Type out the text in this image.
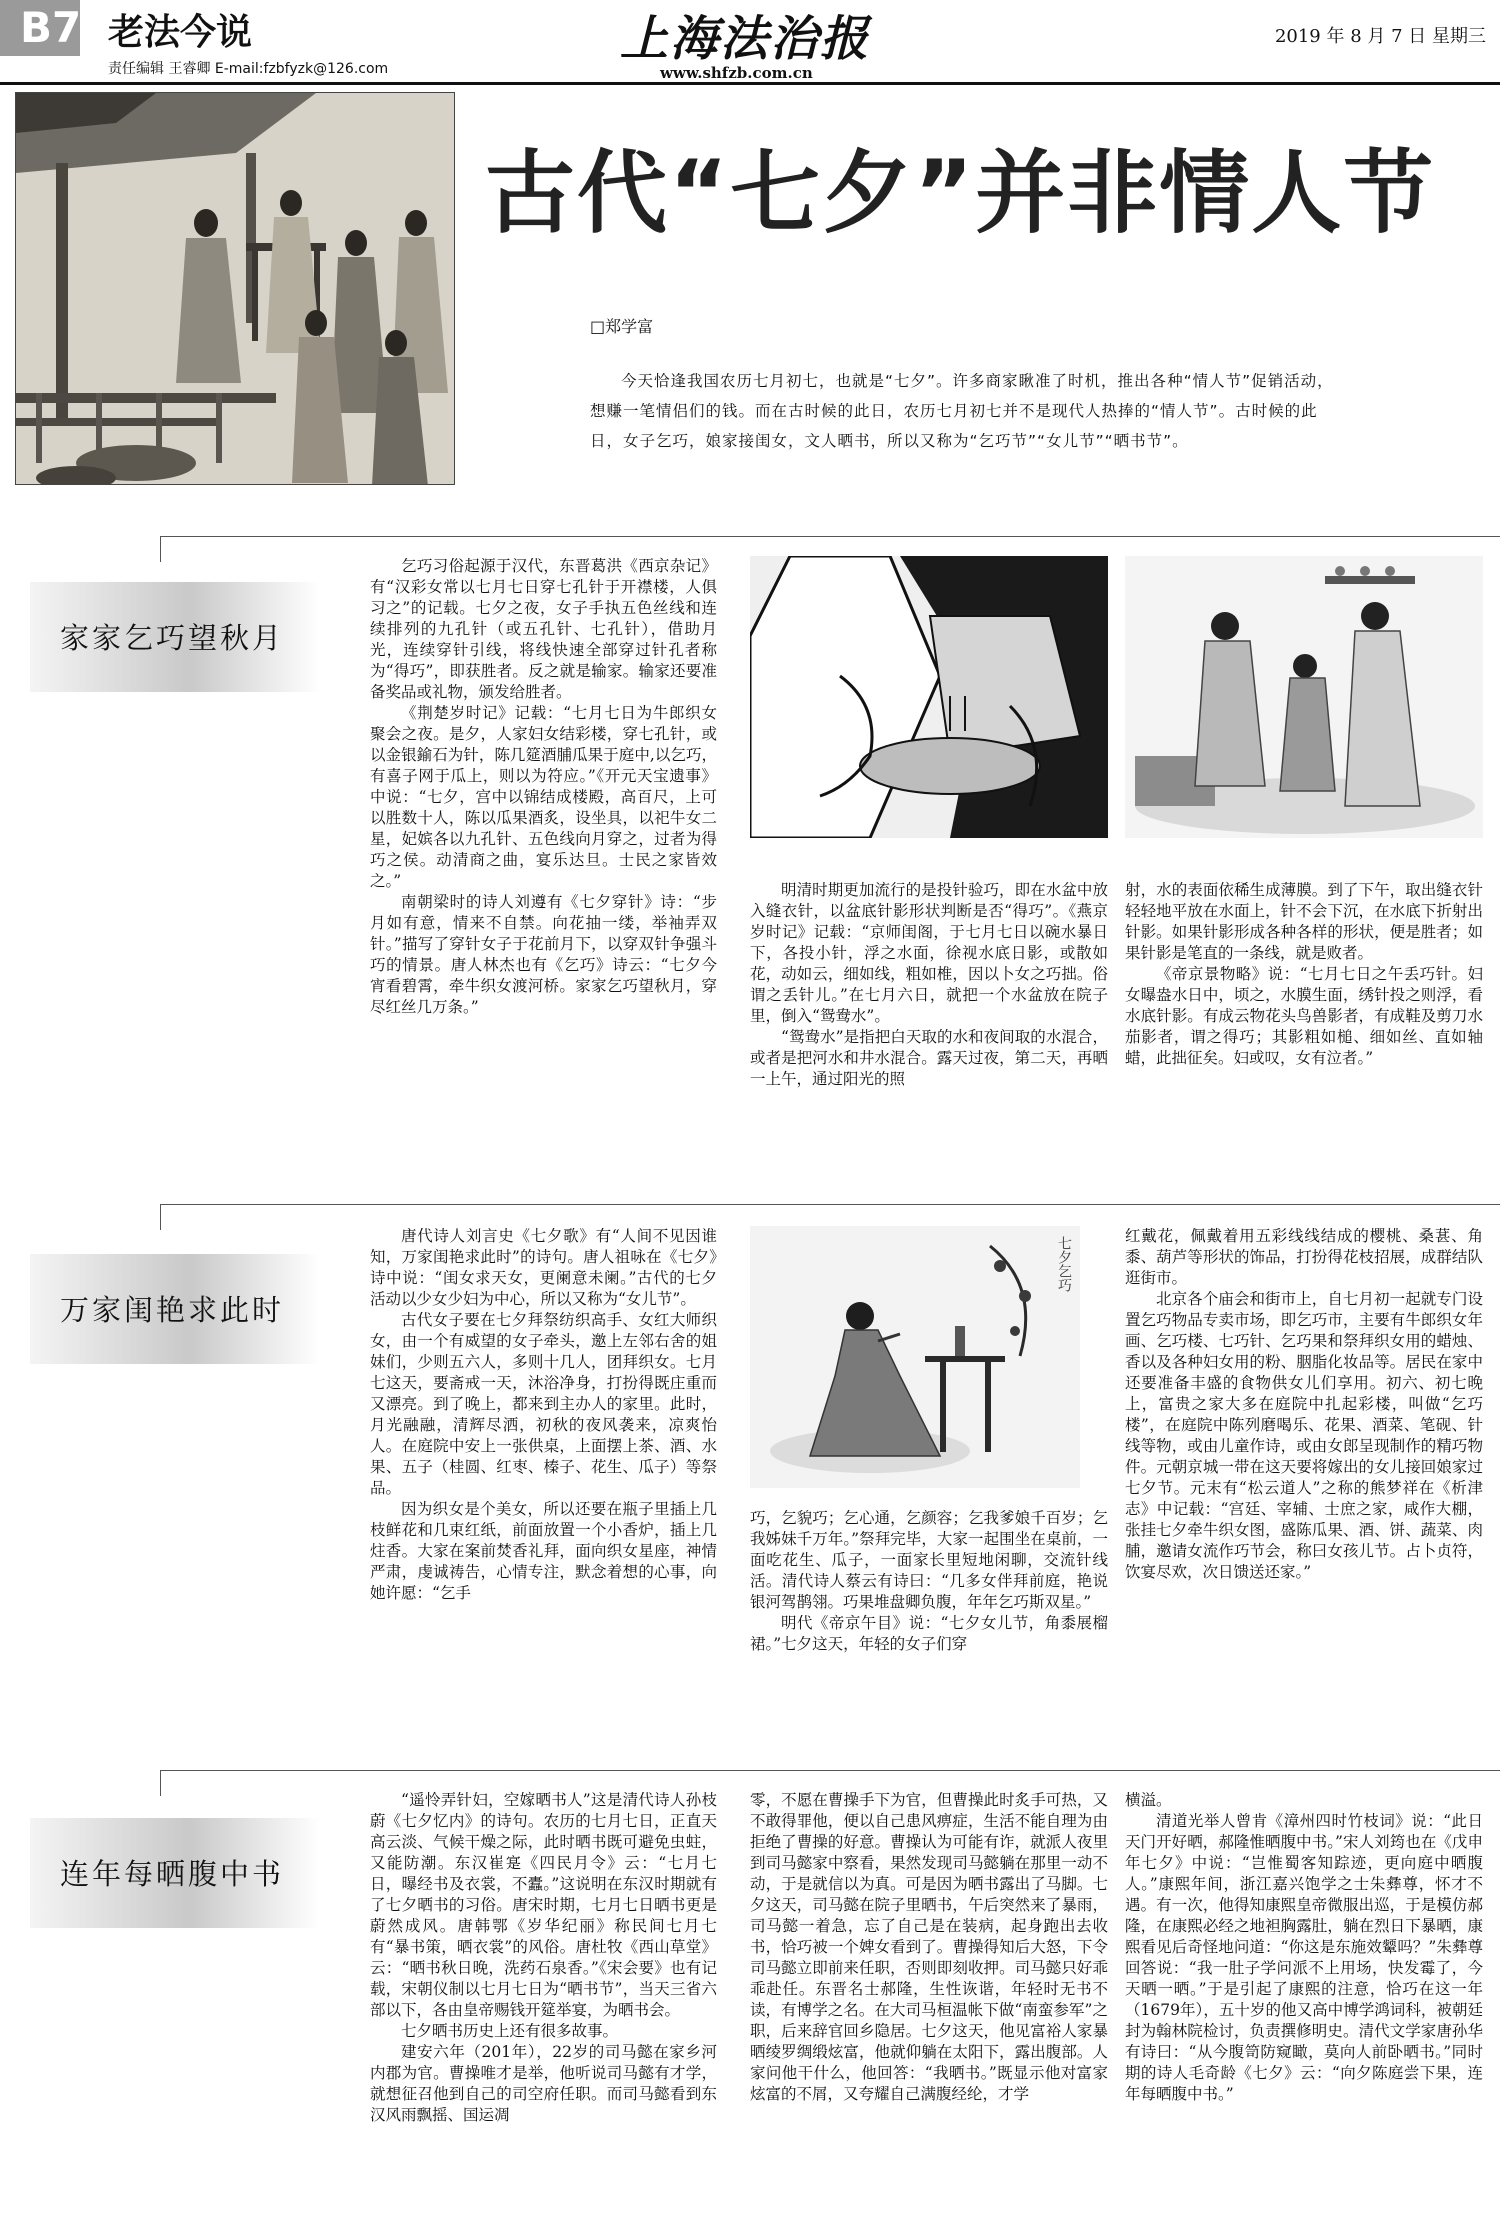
B7 老法今说
责任编辑 王睿卿 E-mail:fzbfyzk@126.com
上海法治报
www.shfzb.com.cn
2019 年 8 月 7 日 星期三
古代“七夕”并非情人节
□郑学富
今天恰逢我国农历七月初七，也就是“七夕”。许多商家瞅准了时机，推出各种“情人节”促销活动，想赚一笔情侣们的钱。而在古时候的此日，农历七月初七并不是现代人热捧的“情人节”。古时候的此日，女子乞巧，娘家接闺女，文人晒书，所以又称为“乞巧节”“女儿节”“晒书节”。
家家乞巧望秋月

乞巧习俗起源于汉代，东晋葛洪《西京杂记》有“汉彩女常以七月七日穿七孔针于开襟楼，人俱习之”的记载。七夕之夜，女子手执五色丝线和连续排列的九孔针（或五孔针、七孔针），借助月光，连续穿针引线，将线快速全部穿过针孔者称为“得巧”，即获胜者。反之就是输家。输家还要准备奖品或礼物，颁发给胜者。

《荆楚岁时记》记载：“七月七日为牛郎织女聚会之夜。是夕，人家妇女结彩楼，穿七孔针，或以金银鍮石为针，陈几筵酒脯瓜果于庭中,以乞巧，有喜子网于瓜上，则以为符应。”《开元天宝遗事》中说：“七夕，宫中以锦结成楼殿，高百尺，上可以胜数十人，陈以瓜果酒炙，设坐具，以祀牛女二星，妃嫔各以九孔针、五色线向月穿之，过者为得巧之侯。动清商之曲，宴乐达旦。士民之家皆效之。”

南朝梁时的诗人刘遵有《七夕穿针》诗：“步月如有意，情来不自禁。向花抽一缕，举袖弄双针。”描写了穿针女子于花前月下，以穿双针争强斗巧的情景。唐人林杰也有《乞巧》诗云：“七夕今宵看碧霄，牵牛织女渡河桥。家家乞巧望秋月，穿尽红丝几万条。”

明清时期更加流行的是投针验巧，即在水盆中放入缝衣针，以盆底针影形状判断是否“得巧”。《燕京岁时记》记载：“京师闺阁，于七月七日以碗水暴日下，各投小针，浮之水面，徐视水底日影，或散如花，动如云，细如线，粗如椎，因以卜女之巧拙。俗谓之丢针儿。”在七月六日，就把一个水盆放在院子里，倒入“鸳鸯水”。

“鸳鸯水”是指把白天取的水和夜间取的水混合，或者是把河水和井水混合。露天过夜，第二天，再晒一上午，通过阳光的照

射，水的表面依稀生成薄膜。到了下午，取出缝衣针轻轻地平放在水面上，针不会下沉，在水底下折射出针影。如果针影形成各种各样的形状，便是胜者；如果针影是笔直的一条线，就是败者。

《帝京景物略》说：“七月七日之午丢巧针。妇女曝盎水日中，顷之，水膜生面，绣针投之则浮，看水底针影。有成云物花头鸟兽影者，有成鞋及剪刀水茄影者，谓之得巧；其影粗如槌、细如丝、直如轴蜡，此拙征矣。妇或叹，女有泣者。”

万家闺艳求此时

唐代诗人刘言史《七夕歌》有“人间不见因谁知，万家闺艳求此时”的诗句。唐人祖咏在《七夕》诗中说：“闺女求天女，更阑意未阑。”古代的七夕活动以少女少妇为中心，所以又称为“女儿节”。

古代女子要在七夕拜祭纺织高手、女红大师织女，由一个有威望的女子牵头，邀上左邻右舍的姐妹们，少则五六人，多则十几人，团拜织女。七月七这天，要斋戒一天，沐浴净身，打扮得既庄重而又漂亮。到了晚上，都来到主办人的家里。此时，月光融融，清辉尽洒，初秋的夜风袭来，凉爽怡人。在庭院中安上一张供桌，上面摆上茶、酒、水果、五子（桂圆、红枣、榛子、花生、瓜子）等祭品。

因为织女是个美女，所以还要在瓶子里插上几枝鲜花和几束红纸，前面放置一个小香炉，插上几炷香。大家在案前焚香礼拜，面向织女星座，神情严肃，虔诚祷告，心情专注，默念着想的心事，向她许愿：“乞手

七夕乞巧

巧，乞貌巧；乞心通，乞颜容；乞我爹娘千百岁；乞我姊妹千万年。”祭拜完毕，大家一起围坐在桌前，一面吃花生、瓜子，一面家长里短地闲聊，交流针线活。清代诗人蔡云有诗曰：“几多女伴拜前庭，艳说银河驾鹊翎。巧果堆盘卿负腹，年年乞巧斯双星。”

明代《帝京午目》说：“七夕女儿节，角黍展榴裙。”七夕这天，年轻的女子们穿

红戴花，佩戴着用五彩线线结成的樱桃、桑葚、角黍、葫芦等形状的饰品，打扮得花枝招展，成群结队逛街市。

北京各个庙会和街市上，自七月初一起就专门设置乞巧物品专卖市场，即乞巧市，主要有牛郎织女年画、乞巧楼、七巧针、乞巧果和祭拜织女用的蜡烛、香以及各种妇女用的粉、胭脂化妆品等。居民在家中还要准备丰盛的食物供女儿们享用。初六、初七晚上，富贵之家大多在庭院中扎起彩楼，叫做“乞巧楼”，在庭院中陈列磨喝乐、花果、酒菜、笔砚、针线等物，或由儿童作诗，或由女郎呈现制作的精巧物件。元朝京城一带在这天要将嫁出的女儿接回娘家过七夕节。元末有“松云道人”之称的熊梦祥在《析津志》中记载：“宫廷、宰辅、士庶之家，咸作大棚，张挂七夕牵牛织女图，盛陈瓜果、酒、饼、蔬菜、肉脯，邀请女流作巧节会，称曰女孩儿节。占卜贞符，饮宴尽欢，次日馈送还家。”

连年每晒腹中书

“遥怜弄针妇，空嫁晒书人”这是清代诗人孙枝蔚《七夕忆内》的诗句。农历的七月七日，正直天高云淡、气候干燥之际，此时晒书既可避免虫蛀，又能防潮。东汉崔寔《四民月令》云：“七月七日，曝经书及衣裳，不蠹。”这说明在东汉时期就有了七夕晒书的习俗。唐宋时期，七月七日晒书更是蔚然成风。唐韩鄂《岁华纪丽》称民间七月七有“暴书策，晒衣裳”的风俗。唐杜牧《西山草堂》云：“晒书秋日晚，洗药石泉香。”《宋会要》也有记载，宋朝仪制以七月七日为“晒书节”，当天三省六部以下，各由皇帝赐钱开筵举宴，为晒书会。

七夕晒书历史上还有很多故事。

建安六年（201年），22岁的司马懿在家乡河内郡为官。曹操唯才是举，他听说司马懿有才学，就想征召他到自己的司空府任职。而司马懿看到东汉风雨飘摇、国运凋

零，不愿在曹操手下为官，但曹操此时炙手可热，又不敢得罪他，便以自己患风痹症，生活不能自理为由　拒绝了曹操的好意。曹操认为可能有诈，就派人夜里到司马懿家中察看，果然发现司马懿躺在那里一动不动，于是就信以为真。可是因为晒书露出了马脚。七夕这天，司马懿在院子里晒书，午后突然来了暴雨，司马懿一着急，忘了自己是在装病，起身跑出去收书，恰巧被一个婢女看到了。曹操得知后大怒，下令司马懿立即前来任职，否则即刻收押。司马懿只好乖乖赴任。东晋名士郝隆，生性诙谐，年轻时无书不读，有博学之名。在大司马桓温帐下做“南蛮参军”之职，后来辞官回乡隐居。七夕这天，他见富裕人家暴晒绫罗绸缎炫富，他就仰躺在太阳下，露出腹部。人家问他干什么，他回答：“我晒书。”既显示他对富家炫富的不屑，又夸耀自己满腹经纶，才学

横溢。

清道光举人曾肯《漳州四时竹枝词》说：“此日天门开好晒，郝隆惟晒腹中书。”宋人刘筠也在《戊申年七夕》中说：“岂惟蜀客知踪迹，更向庭中晒腹人。”康熙年间，浙江嘉兴饱学之士朱彝尊，怀才不遇。有一次，他得知康熙皇帝微服出巡，于是模仿郝隆，在康熙必经之地袒胸露肚，躺在烈日下暴晒，康熙看见后奇怪地问道：“你这是东施效颦吗？”朱彝尊回答说：“我一肚子学问派不上用场，快发霉了，今天晒一晒。”于是引起了康熙的注意，恰巧在这一年（1679年），五十岁的他又高中博学鸿词科，被朝廷封为翰林院检讨，负责撰修明史。清代文学家唐孙华有诗曰：“从今腹笥防窥瞰，莫向人前卧晒书。”同时期的诗人毛奇龄《七夕》云：“向夕陈庭尝下果，连年每晒腹中书。”
